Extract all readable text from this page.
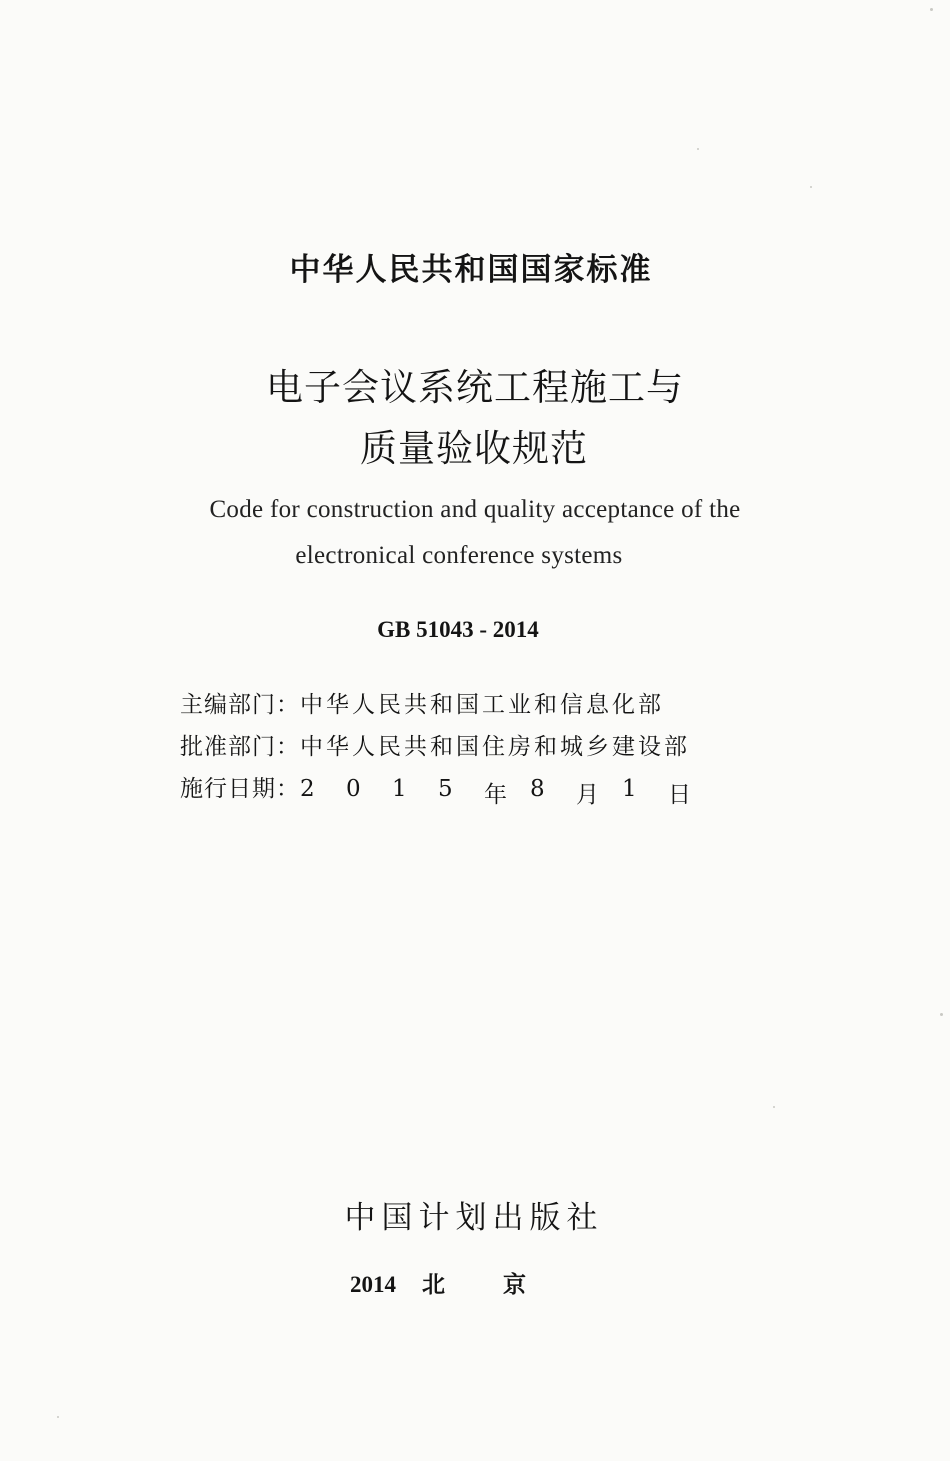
中华人民共和国国家标准
电子会议系统工程施工与
质量验收规范
Code for construction and quality acceptance of the
electronical conference systems
GB 51043 - 2014
主编部门： 中华人民共和国工业和信息化部
批准部门： 中华人民共和国住房和城乡建设部
施行日期： 2	0	1	5	年	8	月	1	日
中国计划出版社
2014 北京
